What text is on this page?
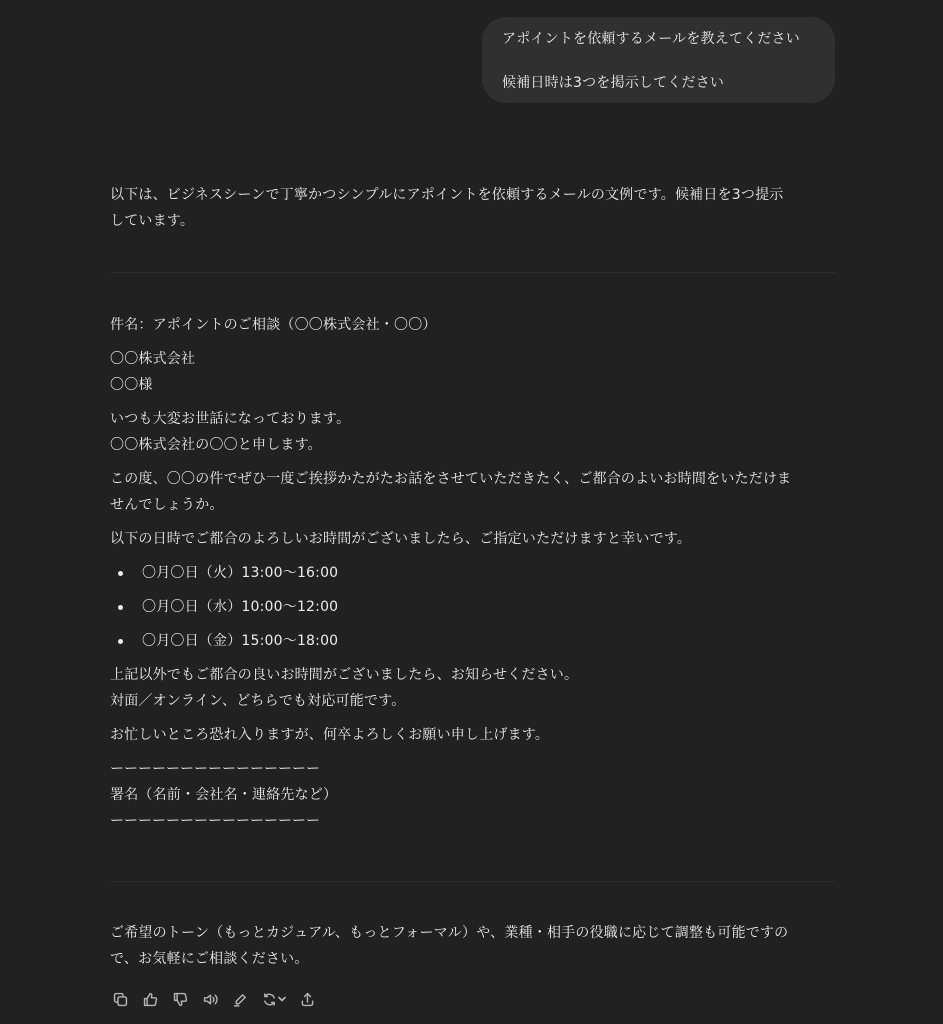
アポイントを依頼するメールを教えてください

候補日時は3つを掲示してください

以下は、ビジネスシーンで丁寧かつシンプルにアポイントを依頼するメールの文例です。候補日を3つ提示
しています。

件名：アポイントのご相談（〇〇株式会社・〇〇）

〇〇株式会社
〇〇様

いつも大変お世話になっております。
〇〇株式会社の〇〇と申します。

この度、〇〇の件でぜひ一度ご挨拶かたがたお話をさせていただきたく、ご都合のよいお時間をいただけま
せんでしょうか。

以下の日時でご都合のよろしいお時間がございましたら、ご指定いただけますと幸いです。

〇月〇日（火）13:00〜16:00
〇月〇日（水）10:00〜12:00
〇月〇日（金）15:00〜18:00

上記以外でもご都合の良いお時間がございましたら、お知らせください。
対面／オンライン、どちらでも対応可能です。

お忙しいところ恐れ入りますが、何卒よろしくお願い申し上げます。

ーーーーーーーーーーーーーーー
署名（名前・会社名・連絡先など）
ーーーーーーーーーーーーーーー

ご希望のトーン（もっとカジュアル、もっとフォーマル）や、業種・相手の役職に応じて調整も可能ですの
で、お気軽にご相談ください。
